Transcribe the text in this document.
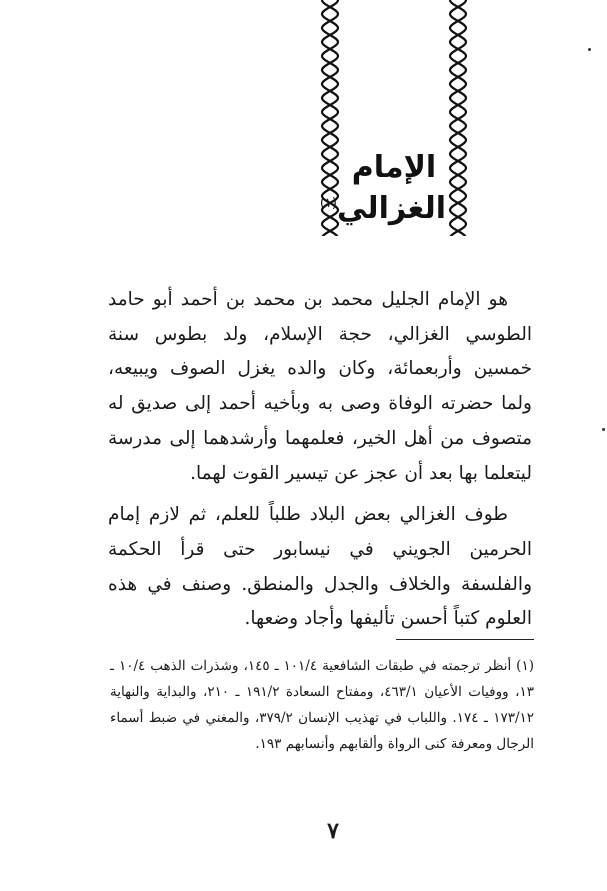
الإمام
الغزالي$^{(١)}$

هو الإمام الجليل محمد بن محمد بن أحمد أبو حامد الطوسي الغزالي، حجة الإسلام، ولد بطوس سنة خمسين وأربعمائة، وكان والده يغزل الصوف ويبيعه، ولما حضرته الوفاة وصى به وبأخيه أحمد إلى صديق له متصوف من أهل الخير، فعلمهما وأرشدهما إلى مدرسة ليتعلما بها بعد أن عجز عن تيسير القوت لهما.

طوف الغزالي بعض البلاد طلباً للعلم، ثم لازم إمام الحرمين الجويني في نيسابور حتى قرأ الحكمة والفلسفة والخلاف والجدل والمنطق. وصنف في هذه العلوم كتباً أحسن تأليفها وأجاد وضعها.

(١) أنظر ترجمته في طبقات الشافعية ١٠١/٤ ـ ١٤٥، وشذرات الذهب ١٠/٤ ـ ١٣، ووفيات الأعيان ٤٦٣/١، ومفتاح السعادة ١٩١/٢ ـ ٢١٠، والبداية والنهاية ١٧٣/١٢ ـ ١٧٤. واللباب في تهذيب الإنسان ٣٧٩/٢، والمغني في ضبط أسماء الرجال ومعرفة كنى الرواة وألقابهم وأنسابهم ١٩٣.

٧
